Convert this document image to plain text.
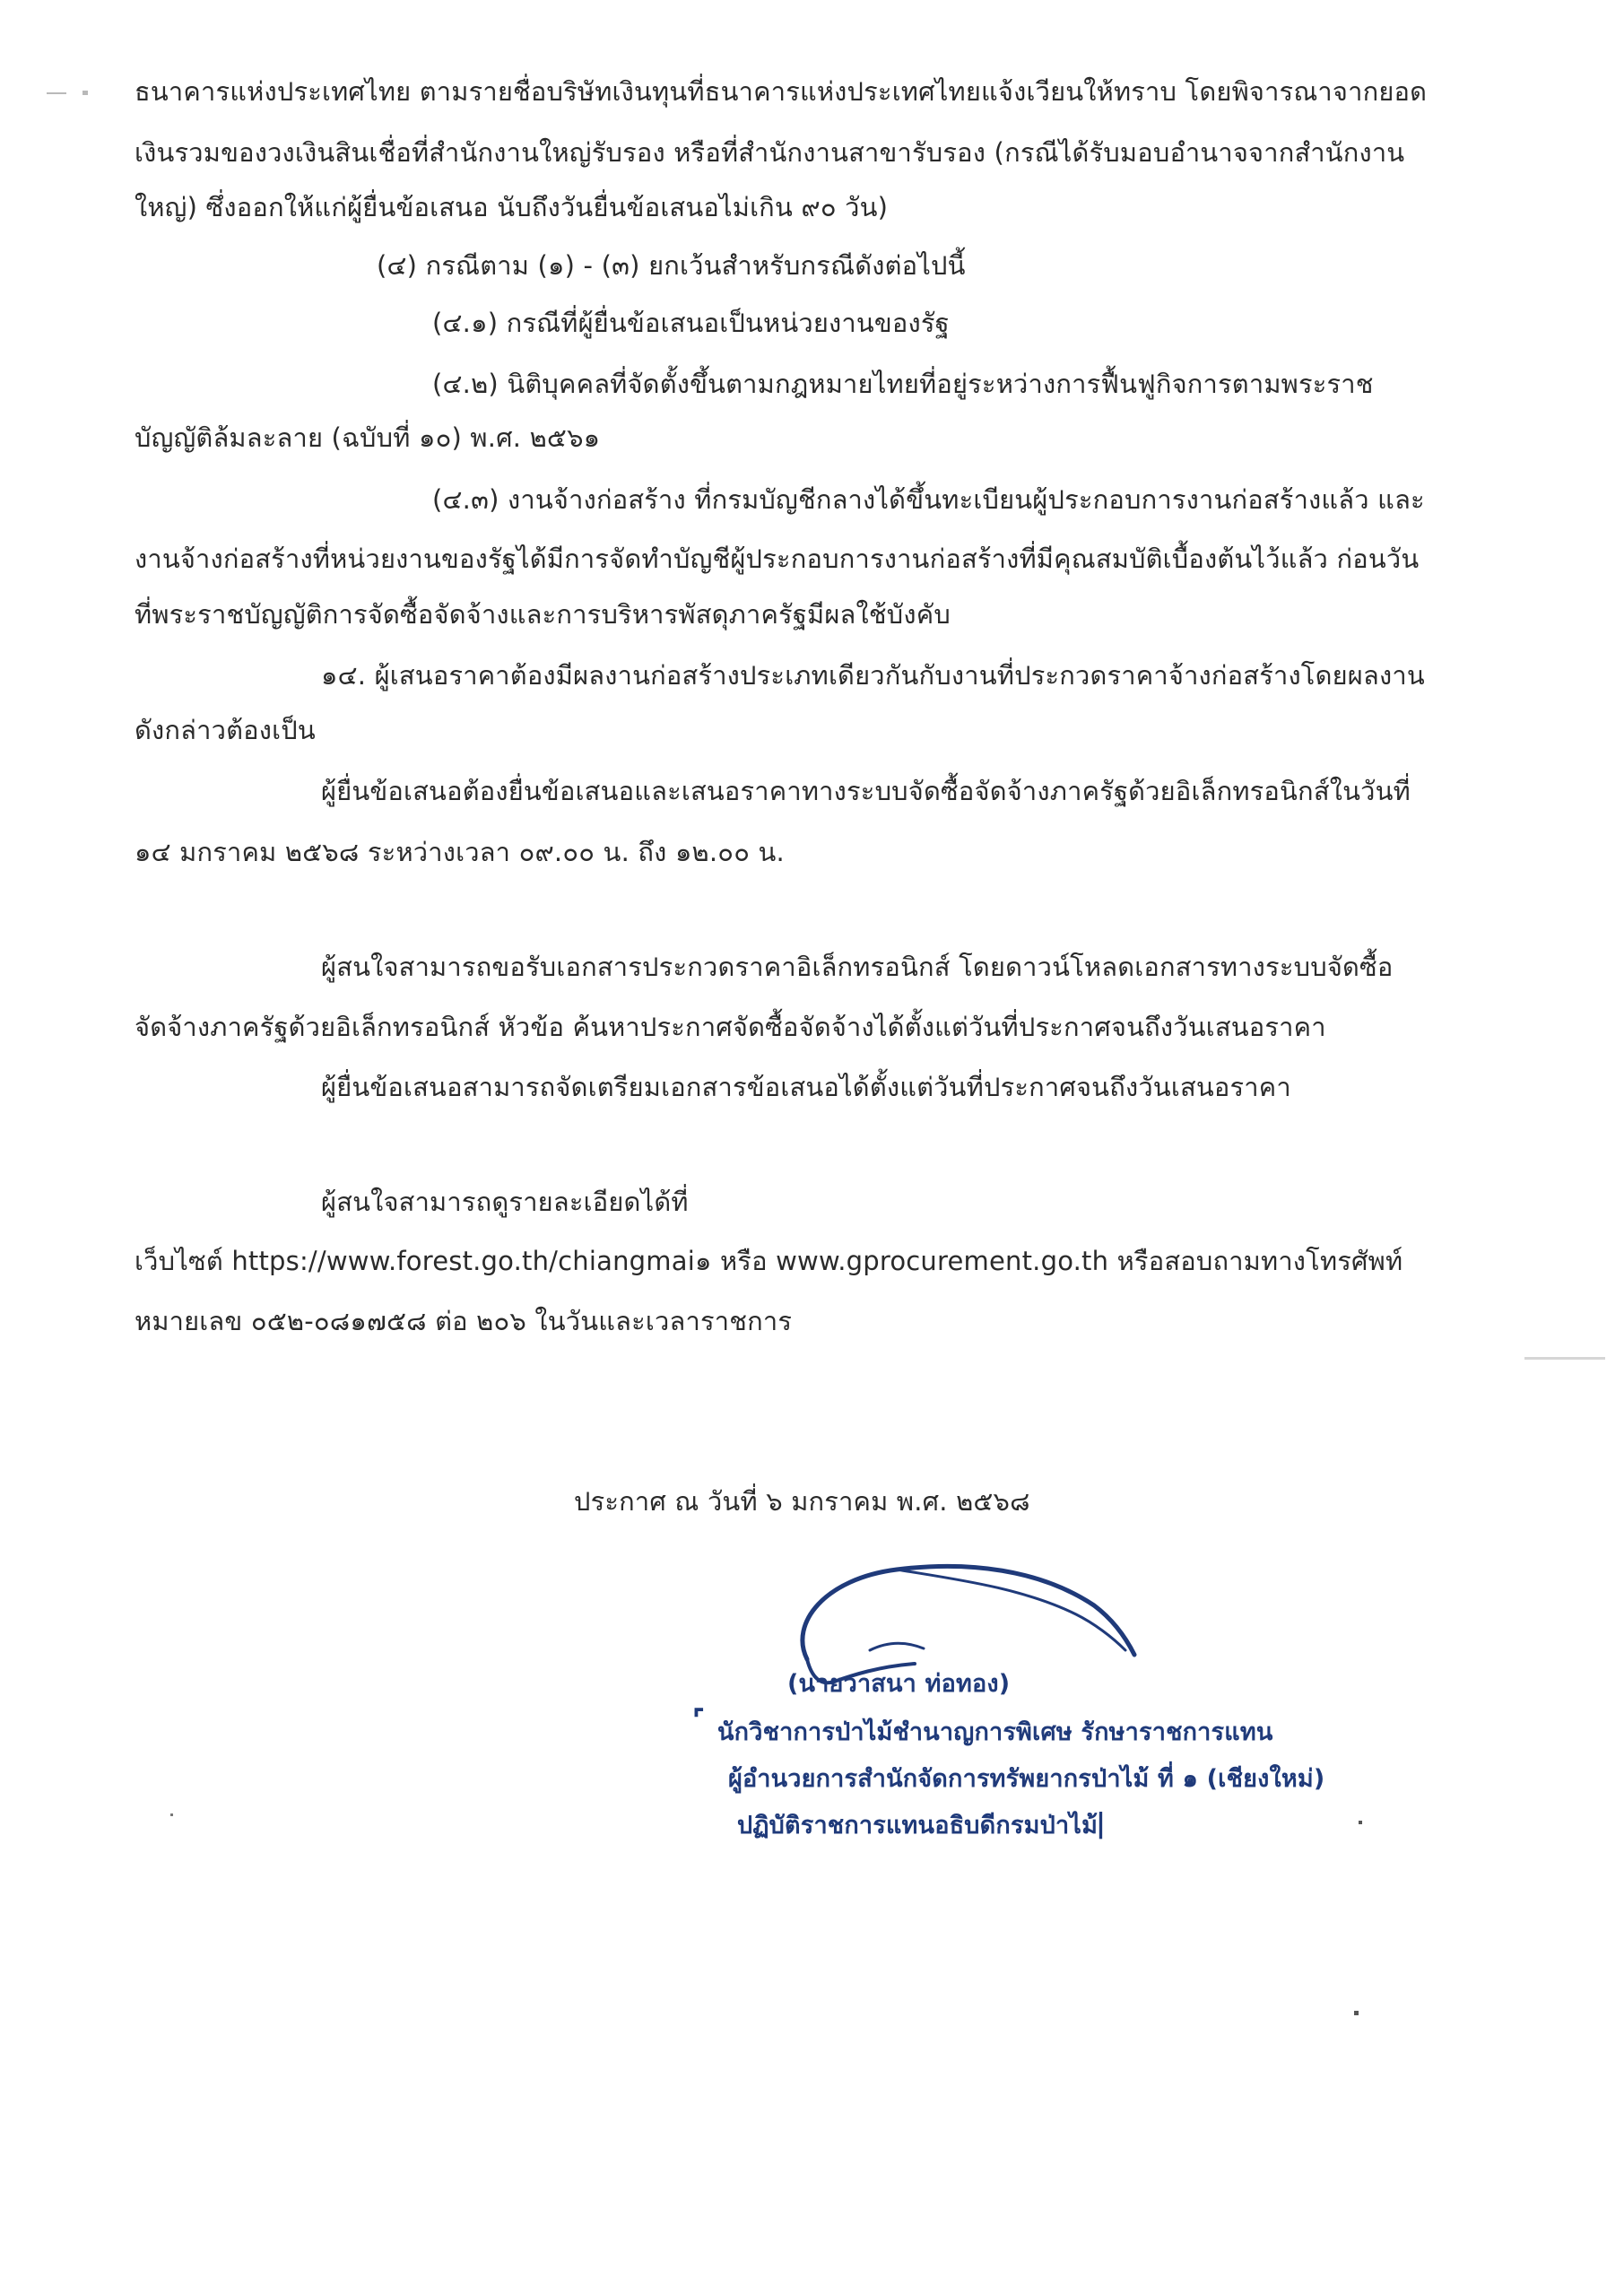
ธนาคารแห่งประเทศไทย ตามรายชื่อบริษัทเงินทุนที่ธนาคารแห่งประเทศไทยแจ้งเวียนให้ทราบ โดยพิจารณาจากยอด
เงินรวมของวงเงินสินเชื่อที่สำนักงานใหญ่รับรอง หรือที่สำนักงานสาขารับรอง (กรณีได้รับมอบอำนาจจากสำนักงาน
ใหญ่) ซึ่งออกให้แก่ผู้ยื่นข้อเสนอ นับถึงวันยื่นข้อเสนอไม่เกิน ๙๐ วัน)
(๔) กรณีตาม (๑) - (๓) ยกเว้นสำหรับกรณีดังต่อไปนี้
(๔.๑) กรณีที่ผู้ยื่นข้อเสนอเป็นหน่วยงานของรัฐ
(๔.๒) นิติบุคคลที่จัดตั้งขึ้นตามกฎหมายไทยที่อยู่ระหว่างการฟื้นฟูกิจการตามพระราช
บัญญัติล้มละลาย (ฉบับที่ ๑๐) พ.ศ. ๒๕๖๑
(๔.๓) งานจ้างก่อสร้าง ที่กรมบัญชีกลางได้ขึ้นทะเบียนผู้ประกอบการงานก่อสร้างแล้ว และ
งานจ้างก่อสร้างที่หน่วยงานของรัฐได้มีการจัดทำบัญชีผู้ประกอบการงานก่อสร้างที่มีคุณสมบัติเบื้องต้นไว้แล้ว ก่อนวัน
ที่พระราชบัญญัติการจัดซื้อจัดจ้างและการบริหารพัสดุภาครัฐมีผลใช้บังคับ
๑๔. ผู้เสนอราคาต้องมีผลงานก่อสร้างประเภทเดียวกันกับงานที่ประกวดราคาจ้างก่อสร้างโดยผลงาน
ดังกล่าวต้องเป็น
ผู้ยื่นข้อเสนอต้องยื่นข้อเสนอและเสนอราคาทางระบบจัดซื้อจัดจ้างภาครัฐด้วยอิเล็กทรอนิกส์ในวันที่
๑๔ มกราคม ๒๕๖๘ ระหว่างเวลา ๐๙.๐๐ น. ถึง ๑๒.๐๐ น.
ผู้สนใจสามารถขอรับเอกสารประกวดราคาอิเล็กทรอนิกส์ โดยดาวน์โหลดเอกสารทางระบบจัดซื้อ
จัดจ้างภาครัฐด้วยอิเล็กทรอนิกส์ หัวข้อ ค้นหาประกาศจัดซื้อจัดจ้างได้ตั้งแต่วันที่ประกาศจนถึงวันเสนอราคา
ผู้ยื่นข้อเสนอสามารถจัดเตรียมเอกสารข้อเสนอได้ตั้งแต่วันที่ประกาศจนถึงวันเสนอราคา
ผู้สนใจสามารถดูรายละเอียดได้ที่
เว็บไซต์ https://www.forest.go.th/chiangmai๑ หรือ www.gprocurement.go.th หรือสอบถามทางโทรศัพท์
หมายเลข ๐๕๒-๐๘๑๗๕๘ ต่อ ๒๐๖ ในวันและเวลาราชการ
ประกาศ ณ วันที่ ๖ มกราคม พ.ศ. ๒๕๖๘
(นายวาสนา ท่อทอง)
⌜ นักวิชาการป่าไม้ชำนาญการพิเศษ รักษาราชการแทน
ผู้อำนวยการสำนักจัดการทรัพยากรป่าไม้ ที่ ๑ (เชียงใหม่)
ปฏิบัติราชการแทนอธิบดีกรมป่าไม้
|
